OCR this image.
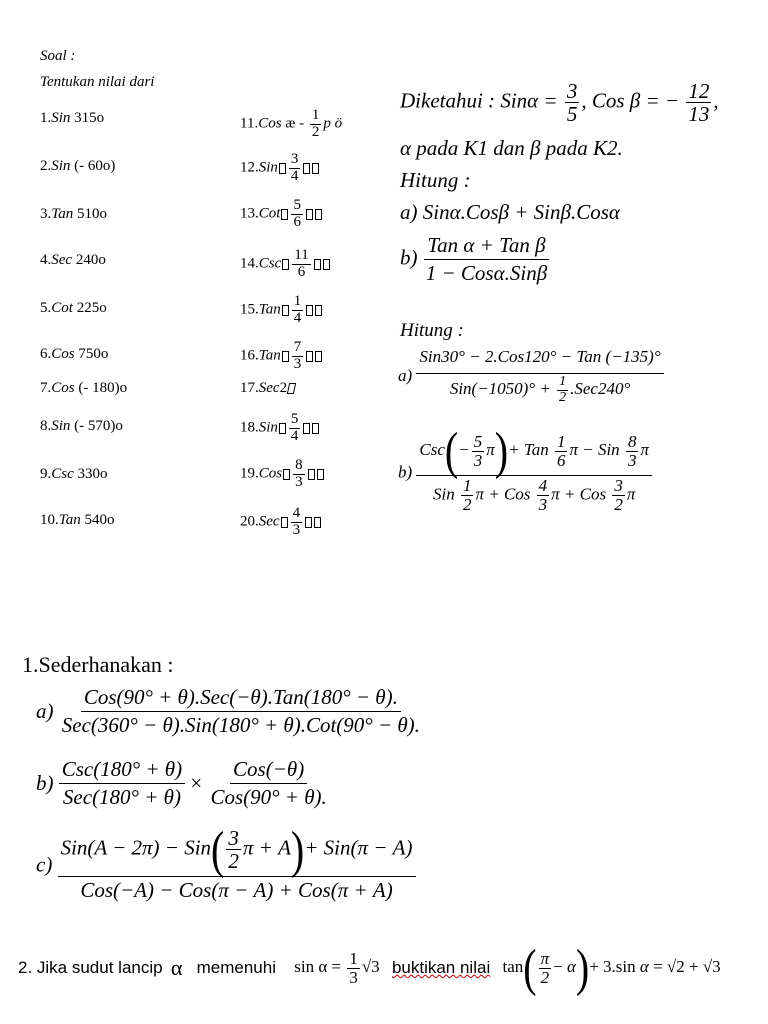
Soal :
Tentukan nilai dari
1.Sin 315o
2.Sin (- 60o)
3.Tan 510o
4.Sec 240o
5.Cot 225o
6.Cos 750o
7.Cos (- 180)o
8.Sin (- 570)o
9.Csc 330o
10.Tan 540o
11.Cos æ - $\frac{1}{2}$ p ö
$12.Sin \frac{3}{4}$
$13.Cot \frac{5}{6}$
$14.Csc \frac{11}{6}$
$15.Tan \frac{1}{4}$
$16.Tan \frac{7}{3}$
17.Sec2
$18.Sin \frac{5}{4}$
$19.Cos \frac{8}{3}$
$20.Sec \frac{4}{3}$
Diketahui : $Sin\alpha = \frac{3}{5}$ , Cos β = − $\frac{12}{13}$ ,
α pada K1 dan β pada K2.
Hitung :
a) Sinα.Cosβ + Sinβ.Cosα
b)
Tan α + Tan β
1 − Cosα.Sinβ
Hitung :
a)
Sin30° − 2.Cos120° − Tan (−135)°
$Sin(-1050)^\circ + \frac{1}{2} .Sec240^\circ$
b)
$Csc(- \frac{5}{3} \pi)+$ Tan $\frac{1}{6}$ π − Sin $\frac{8}{3}$ π
Sin $\frac{1}{2}$ π + Cos $\frac{4}{3}$ π + Cos $\frac{3}{2}$ π
1.Sederhanakan :
a)
Cos(90° + θ).Sec(−θ).Tan(180° − θ).
Sec(360° − θ).Sin(180° + θ).Cot(90° − θ).
b)
Csc(180° + θ)
Sec(180° + θ)
×
Cos(−θ)
Cos(90° + θ).
c)
$Sin(A - 2\pi) - Sin( \frac{3}{2}$ π + A)+ Sin(π − A)
Cos(−A) − Cos(π − A) + Cos(π + A)
2. Jika sudut lancip α memenuhi $\sin \alpha = \frac{1}{3} √3$ buktikan nilai $\tan( \frac{\pi}{2} - \alpha)+ 3.\sin$ α = √2 + √3
